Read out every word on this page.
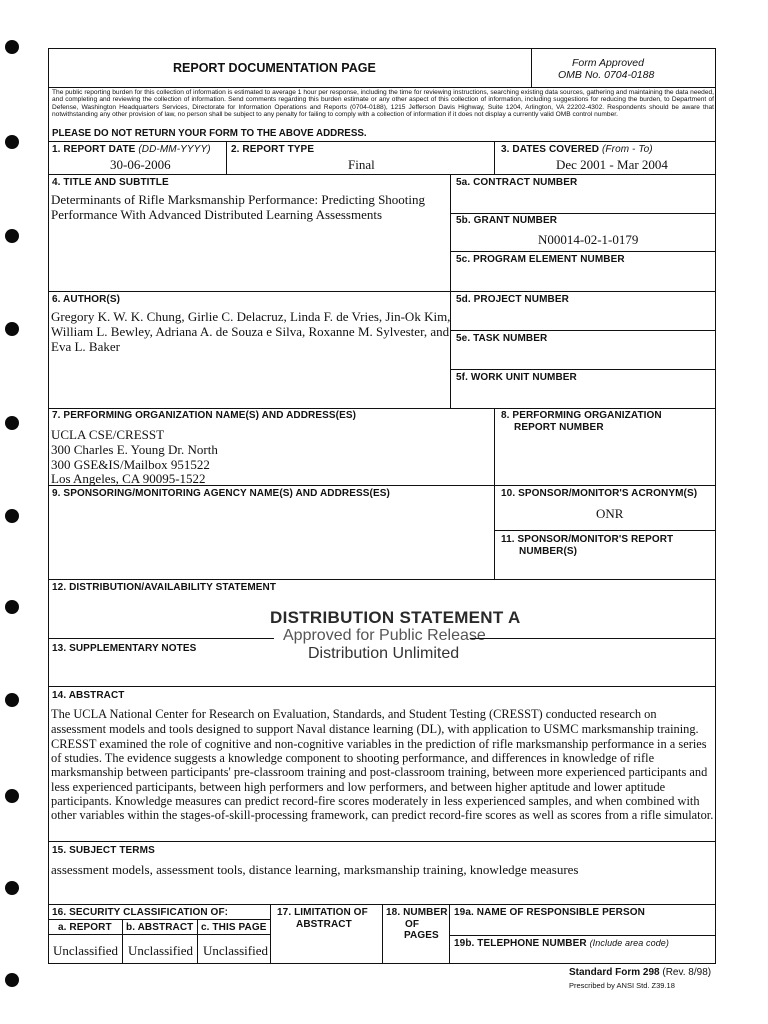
REPORT DOCUMENTATION PAGE	Form Approved
OMB No. 0704-0188
The public reporting burden for this collection of information is estimated to average 1 hour per response, including the time for reviewing instructions, searching existing data sources, gathering and maintaining the data needed, and completing and reviewing the collection of information. Send comments regarding this burden estimate or any other aspect of this collection of information, including suggestions for reducing the burden, to Department of Defense, Washington Headquarters Services, Directorate for Information Operations and Reports (0704-0188), 1215 Jefferson Davis Highway, Suite 1204, Arlington, VA 22202-4302. Respondents should be aware that notwithstanding any other provision of law, no person shall be subject to any penalty for failing to comply with a collection of information if it does not display a currently valid OMB control number.
PLEASE DO NOT RETURN YOUR FORM TO THE ABOVE ADDRESS.
1. REPORT DATE (DD-MM-YYYY)
30-06-2006
2. REPORT TYPE
Final
3. DATES COVERED (From - To)
Dec 2001 - Mar 2004
4. TITLE AND SUBTITLE
Determinants of Rifle Marksmanship Performance: Predicting Shooting
Performance With Advanced Distributed Learning Assessments
5a. CONTRACT NUMBER
5b. GRANT NUMBER
N00014-02-1-0179
5c. PROGRAM ELEMENT NUMBER
6. AUTHOR(S)
Gregory K. W. K. Chung, Girlie C. Delacruz, Linda F. de Vries, Jin-Ok Kim,
William L. Bewley, Adriana A. de Souza e Silva, Roxanne M. Sylvester, and
Eva L. Baker
5d. PROJECT NUMBER
5e. TASK NUMBER
5f. WORK UNIT NUMBER
7. PERFORMING ORGANIZATION NAME(S) AND ADDRESS(ES)
UCLA CSE/CRESST
300 Charles E. Young Dr. North
300 GSE&IS/Mailbox 951522
Los Angeles, CA 90095-1522
8. PERFORMING ORGANIZATION
REPORT NUMBER
9. SPONSORING/MONITORING AGENCY NAME(S) AND ADDRESS(ES)	10. SPONSOR/MONITOR'S ACRONYM(S)
ONR
11. SPONSOR/MONITOR'S REPORT
NUMBER(S)
12. DISTRIBUTION/AVAILABILITY STATEMENT
DISTRIBUTION STATEMENT A
Approved for Public Release
Distribution Unlimited
13. SUPPLEMENTARY NOTES
14. ABSTRACT
The UCLA National Center for Research on Evaluation, Standards, and Student Testing (CRESST) conducted research on
assessment models and tools designed to support Naval distance learning (DL), with application to USMC marksmanship training.
CRESST examined the role of cognitive and non-cognitive variables in the prediction of rifle marksmanship performance in a series
of studies. The evidence suggests a knowledge component to shooting performance, and differences in knowledge of rifle
marksmanship between participants' pre-classroom training and post-classroom training, between more experienced participants and
less experienced participants, between high performers and low performers, and between higher aptitude and lower aptitude
participants. Knowledge measures can predict record-fire scores moderately in less experienced samples, and when combined with
other variables within the stages-of-skill-processing framework, can predict record-fire scores as well as scores from a rifle simulator.
15. SUBJECT TERMS
assessment models, assessment tools, distance learning, marksmanship training, knowledge measures
16. SECURITY CLASSIFICATION OF:
a. REPORT b. ABSTRACT c. THIS PAGE
Unclassified Unclassified Unclassified
17. LIMITATION OF
ABSTRACT
18. NUMBER
OF
PAGES
19a. NAME OF RESPONSIBLE PERSON
19b. TELEPHONE NUMBER (Include area code)
Standard Form 298 (Rev. 8/98)
Prescribed by ANSI Std. Z39.18
